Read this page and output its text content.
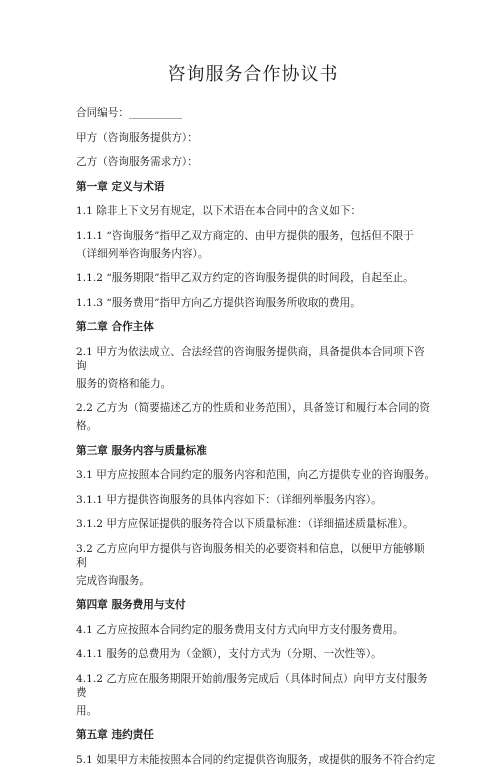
咨询服务合作协议书
合同编号：__________
甲方（咨询服务提供方）：
乙方（咨询服务需求方）：
第一章 定义与术语
1.1 除非上下文另有规定，以下术语在本合同中的含义如下：
1.1.1 “咨询服务”指甲乙双方商定的、由甲方提供的服务，包括但不限于
（详细列举咨询服务内容）。
1.1.2 “服务期限”指甲乙双方约定的咨询服务提供的时间段，自起至止。
1.1.3 “服务费用”指甲方向乙方提供咨询服务所收取的费用。
第二章 合作主体
2.1 甲方为依法成立、合法经营的咨询服务提供商，具备提供本合同项下咨询
服务的资格和能力。
2.2 乙方为（简要描述乙方的性质和业务范围），具备签订和履行本合同的资
格。
第三章 服务内容与质量标准
3.1 甲方应按照本合同约定的服务内容和范围，向乙方提供专业的咨询服务。
3.1.1 甲方提供咨询服务的具体内容如下：（详细列举服务内容）。
3.1.2 甲方应保证提供的服务符合以下质量标准：（详细描述质量标准）。
3.2 乙方应向甲方提供与咨询服务相关的必要资料和信息，以便甲方能够顺利
完成咨询服务。
第四章 服务费用与支付
4.1 乙方应按照本合同约定的服务费用支付方式向甲方支付服务费用。
4.1.1 服务的总费用为（金额），支付方式为（分期、一次性等）。
4.1.2 乙方应在服务期限开始前/服务完成后（具体时间点）向甲方支付服务费
用。
第五章 违约责任
5.1 如果甲方未能按照本合同的约定提供咨询服务，或提供的服务不符合约定
